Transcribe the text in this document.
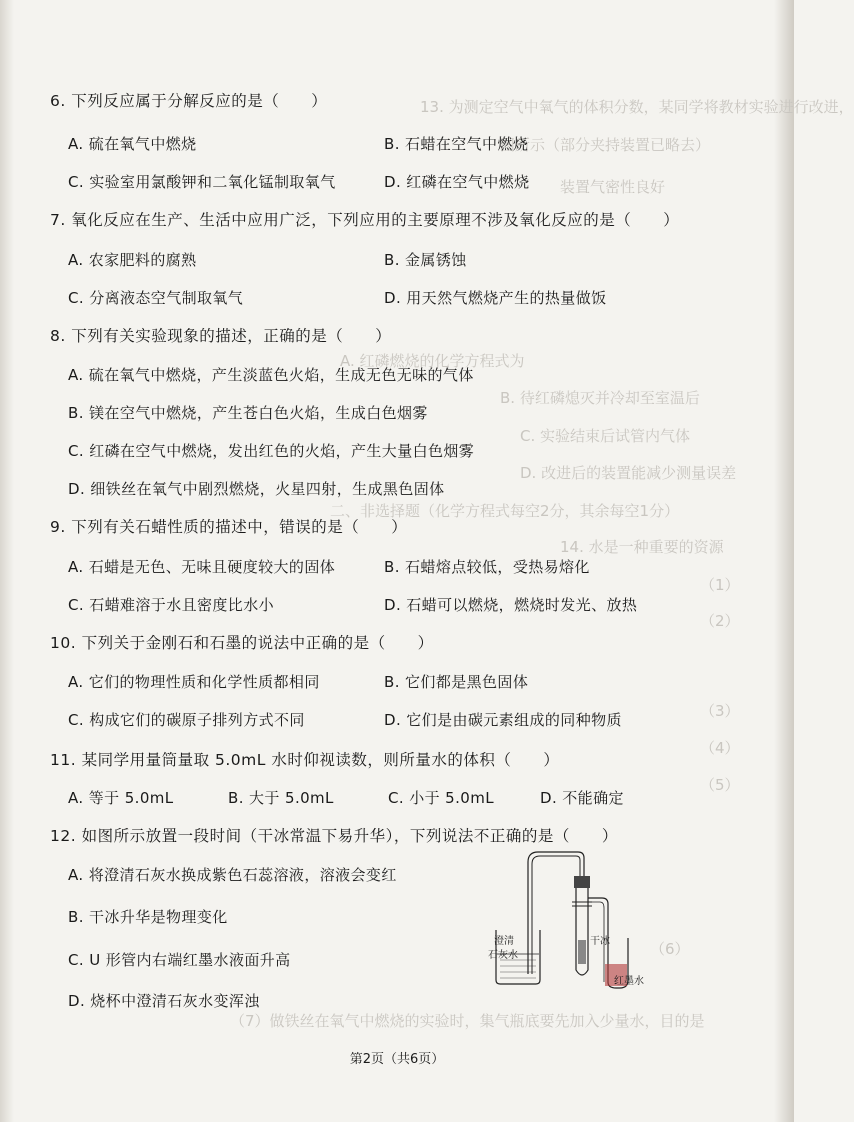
13. 为测定空气中氧气的体积分数，某同学将教材实验进行改进，
图所示（部分夹持装置已略去）
装置气密性良好
A. 红磷燃烧的化学方程式为
B. 待红磷熄灭并冷却至室温后
C. 实验结束后试管内气体
D. 改进后的装置能减少测量误差
二、非选择题（化学方程式每空2分，其余每空1分）
14. 水是一种重要的资源
（1）
（2）
（3）
（4）
（5）
（6）
（7）做铁丝在氧气中燃烧的实验时，集气瓶底要先加入少量水，目的是
6. 下列反应属于分解反应的是（　　）
A. 硫在氧气中燃烧	B. 石蜡在空气中燃烧
C. 实验室用氯酸钾和二氧化锰制取氧气	D. 红磷在空气中燃烧
7. 氧化反应在生产、生活中应用广泛，下列应用的主要原理不涉及氧化反应的是（　　）
A. 农家肥料的腐熟	B. 金属锈蚀
C. 分离液态空气制取氧气	D. 用天然气燃烧产生的热量做饭
8. 下列有关实验现象的描述，正确的是（　　）
A. 硫在氧气中燃烧，产生淡蓝色火焰，生成无色无味的气体
B. 镁在空气中燃烧，产生苍白色火焰，生成白色烟雾
C. 红磷在空气中燃烧，发出红色的火焰，产生大量白色烟雾
D. 细铁丝在氧气中剧烈燃烧，火星四射，生成黑色固体
9. 下列有关石蜡性质的描述中，错误的是（　　）
A. 石蜡是无色、无味且硬度较大的固体	B. 石蜡熔点较低，受热易熔化
C. 石蜡难溶于水且密度比水小	D. 石蜡可以燃烧，燃烧时发光、放热
10. 下列关于金刚石和石墨的说法中正确的是（　　）
A. 它们的物理性质和化学性质都相同	B. 它们都是黑色固体
C. 构成它们的碳原子排列方式不同	D. 它们是由碳元素组成的同种物质
11. 某同学用量筒量取 5.0mL 水时仰视读数，则所量水的体积（　　）
A. 等于 5.0mL	B. 大于 5.0mL	C. 小于 5.0mL	D. 不能确定
12. 如图所示放置一段时间（干冰常温下易升华），下列说法不正确的是（　　）
A. 将澄清石灰水换成紫色石蕊溶液，溶液会变红
B. 干冰升华是物理变化
C. U 形管内右端红墨水液面升高
D. 烧杯中澄清石灰水变浑浊
澄清
石灰水
干冰
红墨水
第2页（共6页）
